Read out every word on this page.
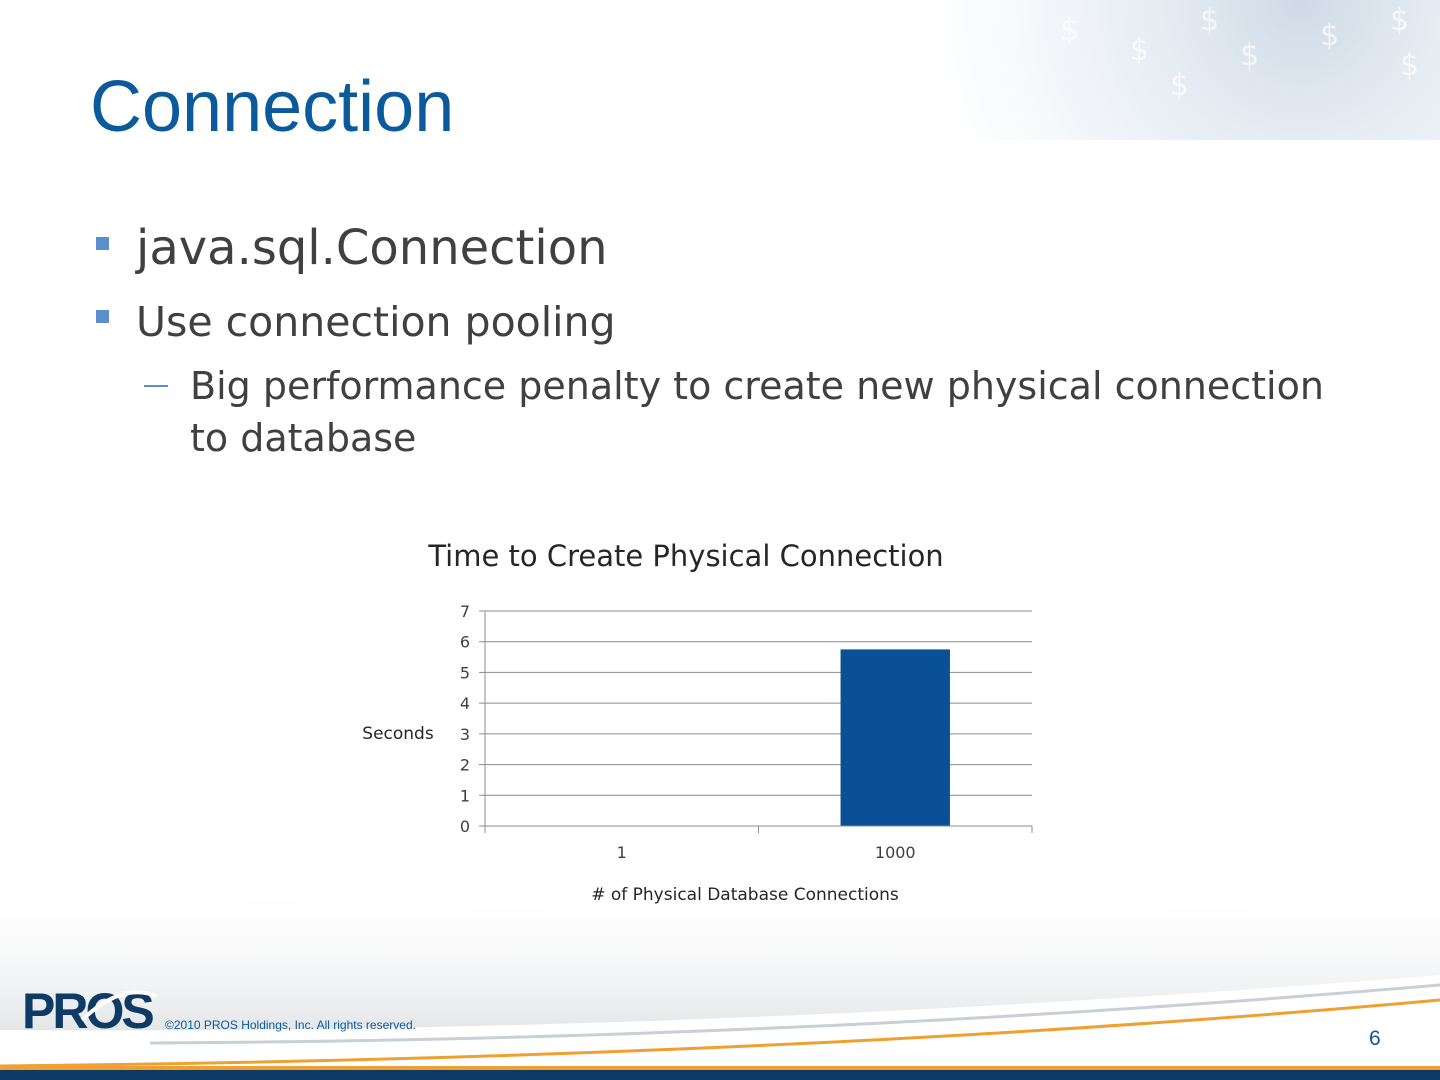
$
$
$
$
$ $
$
$
Connection
java.sql.Connection
Use connection pooling
Big performance penalty to create new physical connection to database
Time to Create Physical Connection
Seconds
# of Physical Database Connections
0
1
2
3
4
5
6
7
1	1000
PROS ©2010 PROS Holdings, Inc. All rights reserved.
6
